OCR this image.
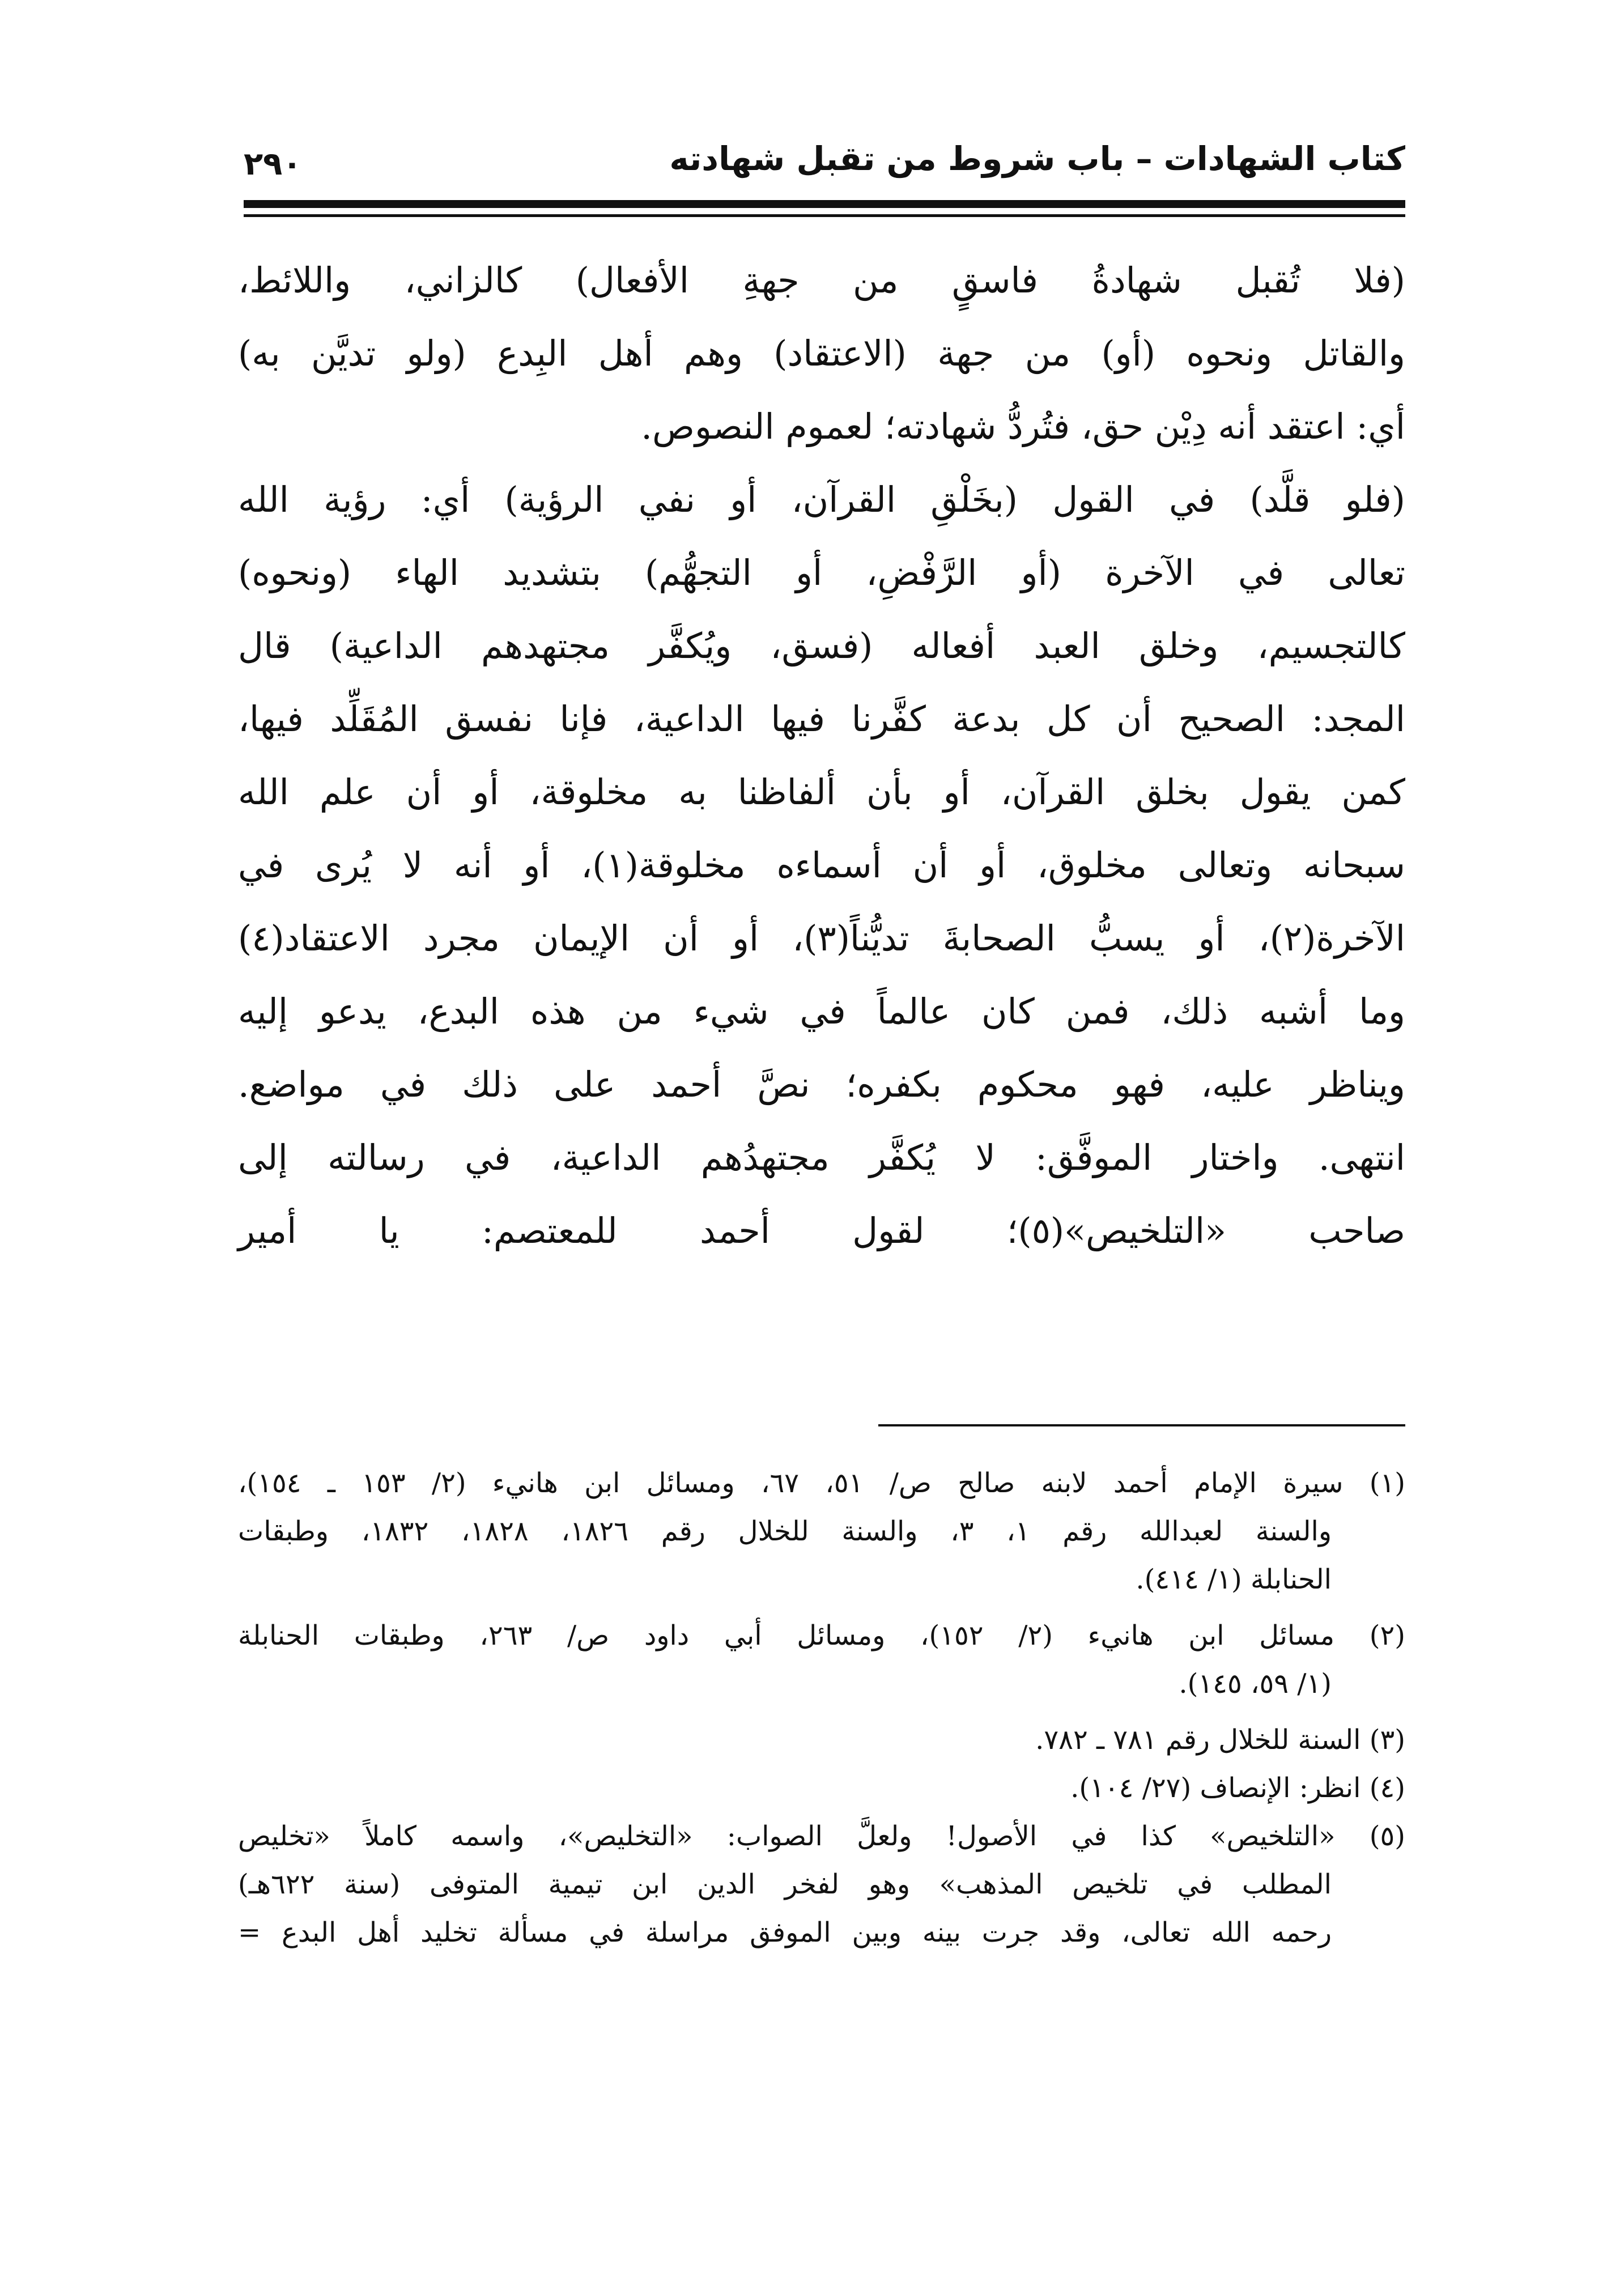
كتاب الشهادات – باب شروط من تقبل شهادته
٢٩٠
(فلا تُقبل شهادةُ فاسقٍ من جهةِ الأفعال) كالزاني، واللائط،
والقاتل ونحوه (أو) من جهة (الاعتقاد) وهم أهل البِدع (ولو تديَّن به)
أي: اعتقد أنه دِيْن حق، فتُردُّ شهادته؛ لعموم النصوص.
(فلو قلَّد) في القول (بخَلْقِ القرآن، أو نفي الرؤية) أي: رؤية الله
تعالى في الآخرة (أو الرَّفْضِ، أو التجهُّم) بتشديد الهاء (ونحوه)
كالتجسيم، وخلق العبد أفعاله (فسق، ويُكفَّر مجتهدهم الداعية) قال
المجد: الصحيح أن كل بدعة كفَّرنا فيها الداعية، فإنا نفسق المُقَلِّد فيها،
كمن يقول بخلق القرآن، أو بأن ألفاظنا به مخلوقة، أو أن علم الله
سبحانه وتعالى مخلوق، أو أن أسماءه مخلوقة(١)، أو أنه لا يُرى في
الآخرة(٢)، أو يسبُّ الصحابةَ تديُّناً(٣)، أو أن الإيمان مجرد الاعتقاد(٤)
وما أشبه ذلك، فمن كان عالماً في شيء من هذه البدع، يدعو إليه
ويناظر عليه، فهو محكوم بكفره؛ نصَّ أحمد على ذلك في مواضع.
انتهى. واختار الموفَّق: لا يُكفَّر مجتهدُهم الداعية، في رسالته إلى
صاحب «التلخيص»(٥)؛ لقول أحمد للمعتصم: يا أمير
(١) سيرة الإمام أحمد لابنه صالح ص/ ٥١، ٦٧، ومسائل ابن هانيء (٢/ ١٥٣ ـ ١٥٤)،
والسنة لعبدالله رقم ١، ٣، والسنة للخلال رقم ١٨٢٦، ١٨٢٨، ١٨٣٢، وطبقات
الحنابلة (١/ ٤١٤).
(٢) مسائل ابن هانيء (٢/ ١٥٢)، ومسائل أبي داود ص/ ٢٦٣، وطبقات الحنابلة
(١/ ٥٩، ١٤٥).
(٣) السنة للخلال رقم ٧٨١ ـ ٧٨٢.
(٤) انظر: الإنصاف (٢٧/ ١٠٤).
(٥) «التلخيص» كذا في الأصول! ولعلَّ الصواب: «التخليص»، واسمه كاملاً «تخليص
المطلب في تلخيص المذهب» وهو لفخر الدين ابن تيمية المتوفى (سنة ٦٢٢هـ)
رحمه الله تعالى، وقد جرت بينه وبين الموفق مراسلة في مسألة تخليد أهل البدع =
